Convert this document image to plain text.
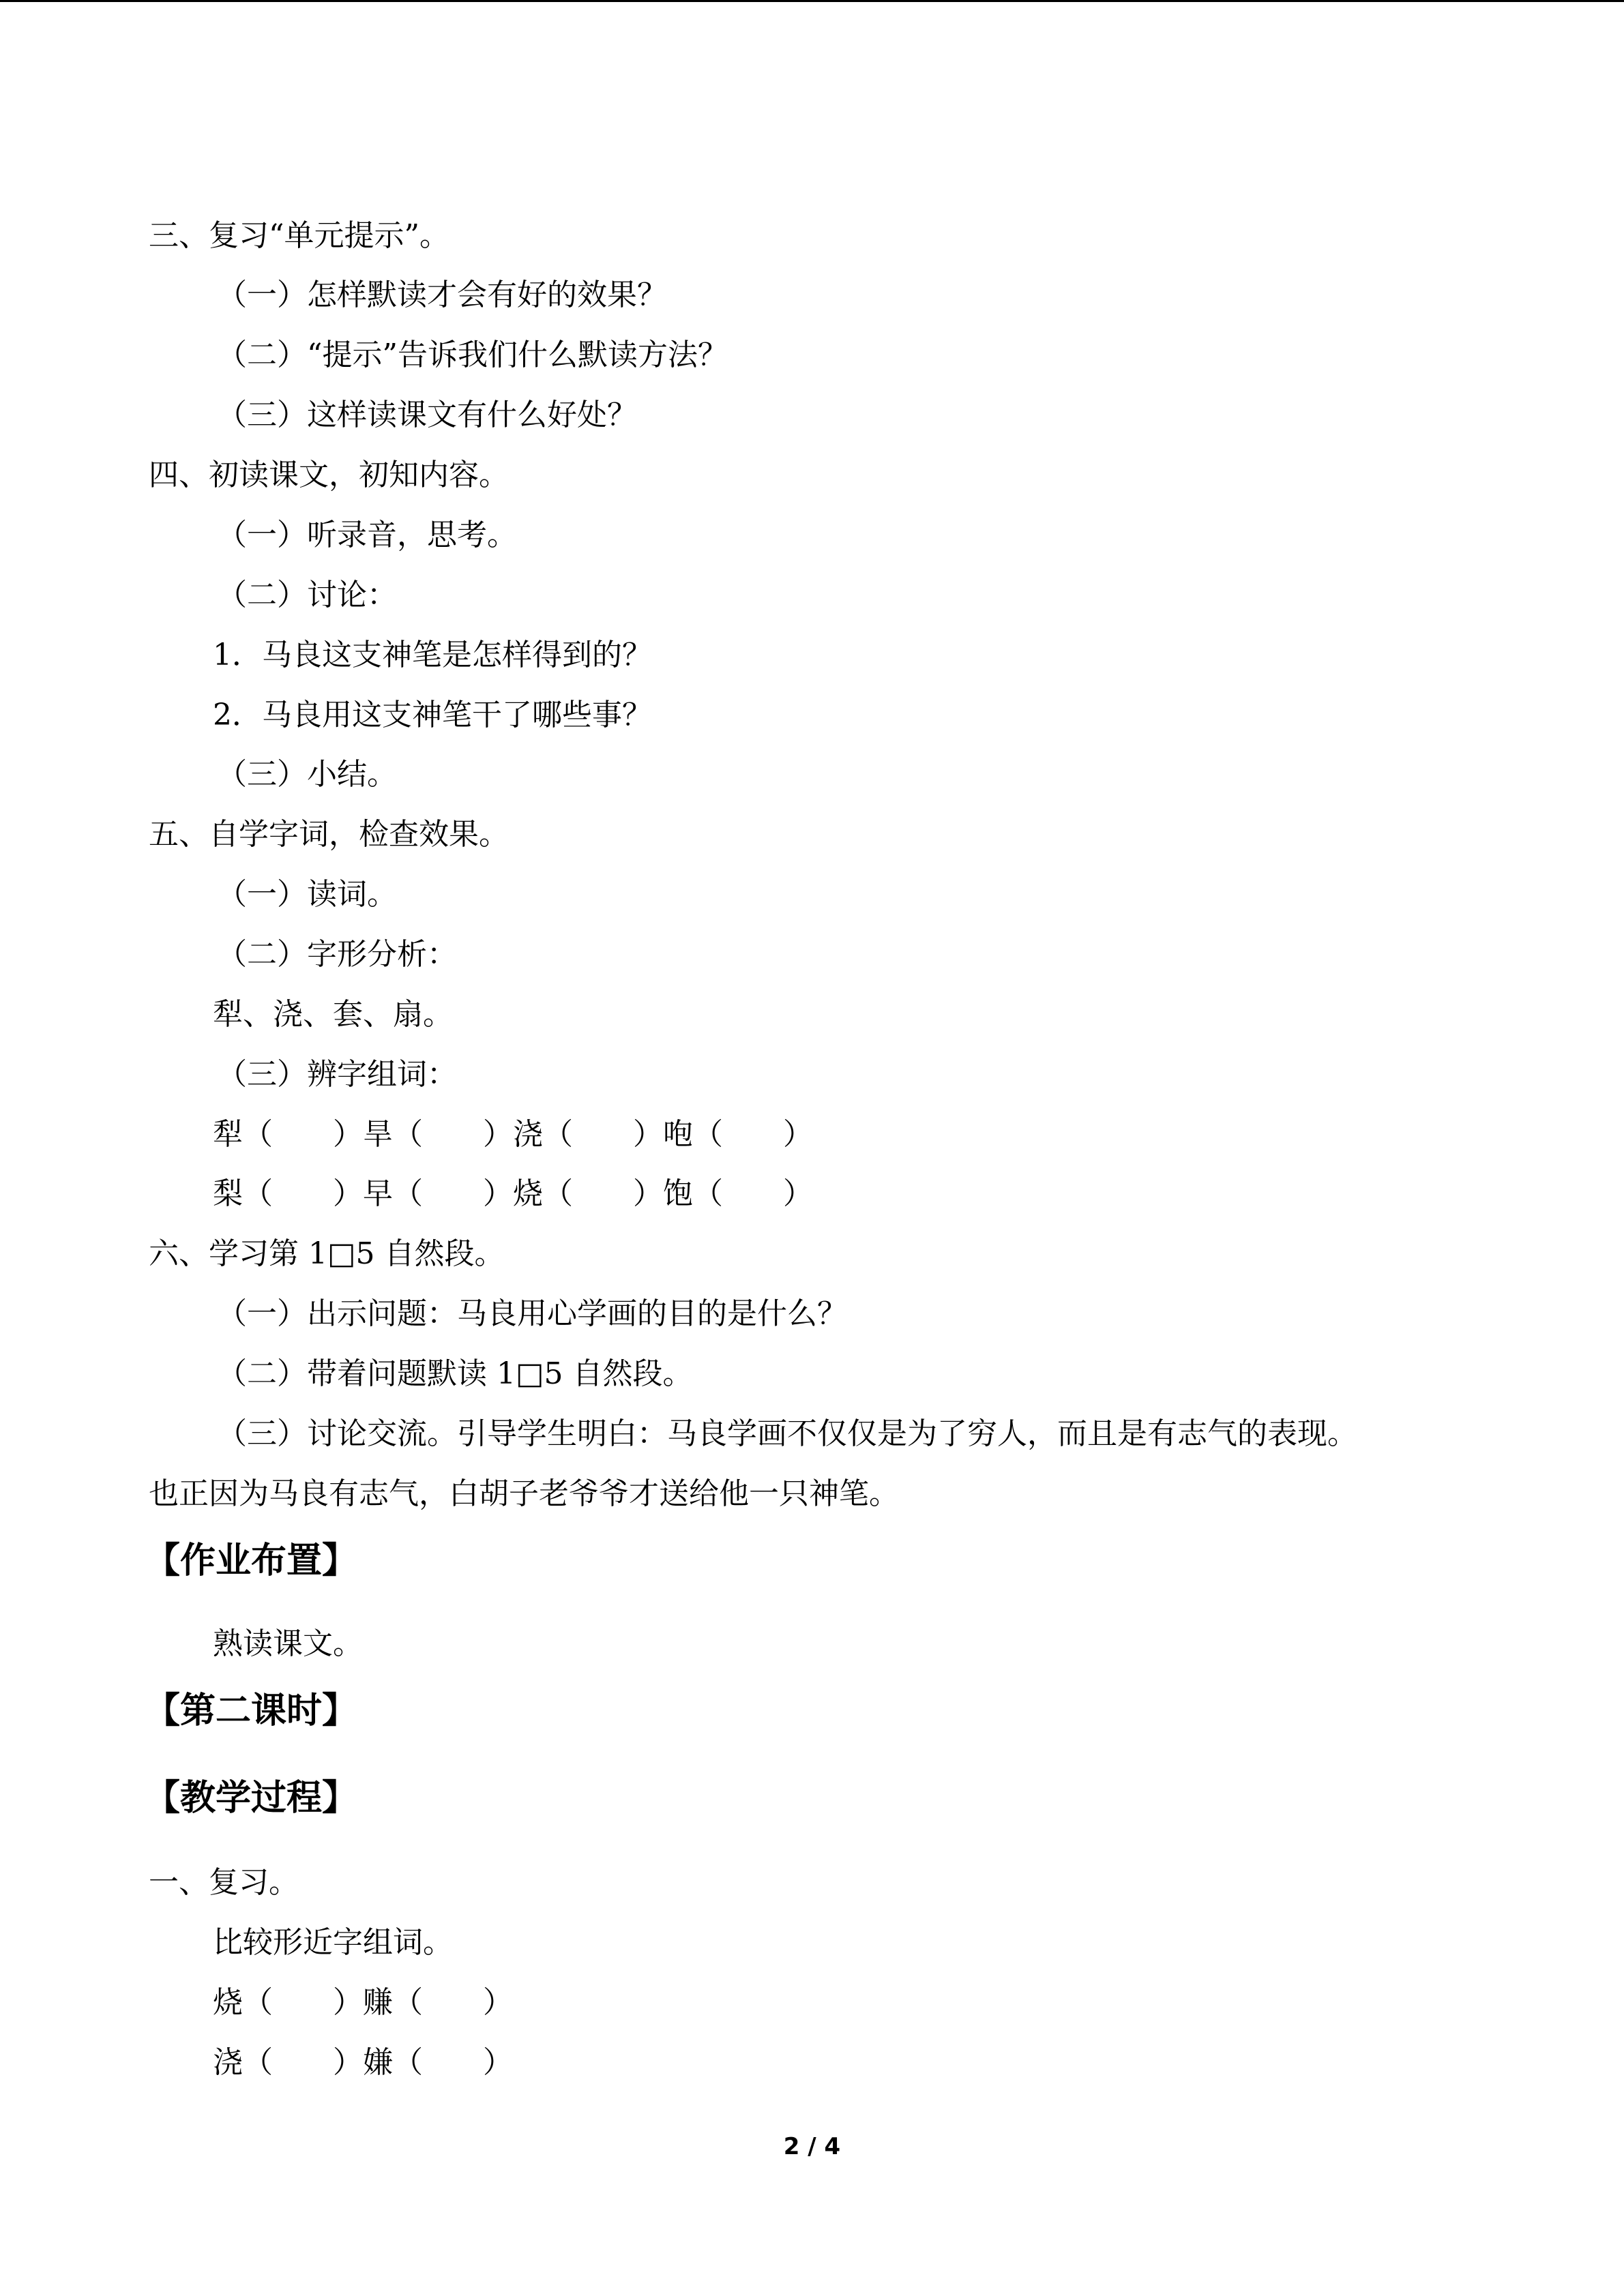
三、复习“单元提示”。
（一）怎样默读才会有好的效果？
（二）“提示”告诉我们什么默读方法？
（三）这样读课文有什么好处？
四、初读课文，初知内容。
（一）听录音，思考。
（二）讨论：
1．马良这支神笔是怎样得到的？
2．马良用这支神笔干了哪些事？
（三）小结。
五、自学字词，检查效果。
（一）读词。
（二）字形分析：
犁、浇、套、扇。
（三）辨字组词：
犁（　　）旱（　　）浇（　　）咆（　　）
梨（　　）早（　　）烧（　　）饱（　　）
六、学习第 1□5 自然段。
（一）出示问题：马良用心学画的目的是什么？
（二）带着问题默读 1□5 自然段。
（三）讨论交流。引导学生明白：马良学画不仅仅是为了穷人，而且是有志气的表现。
也正因为马良有志气，白胡子老爷爷才送给他一只神笔。
【作业布置】
熟读课文。
【第二课时】
【教学过程】
一、复习。
比较形近字组词。
烧（　　）赚（　　）
浇（　　）嫌（　　）
2 / 4
